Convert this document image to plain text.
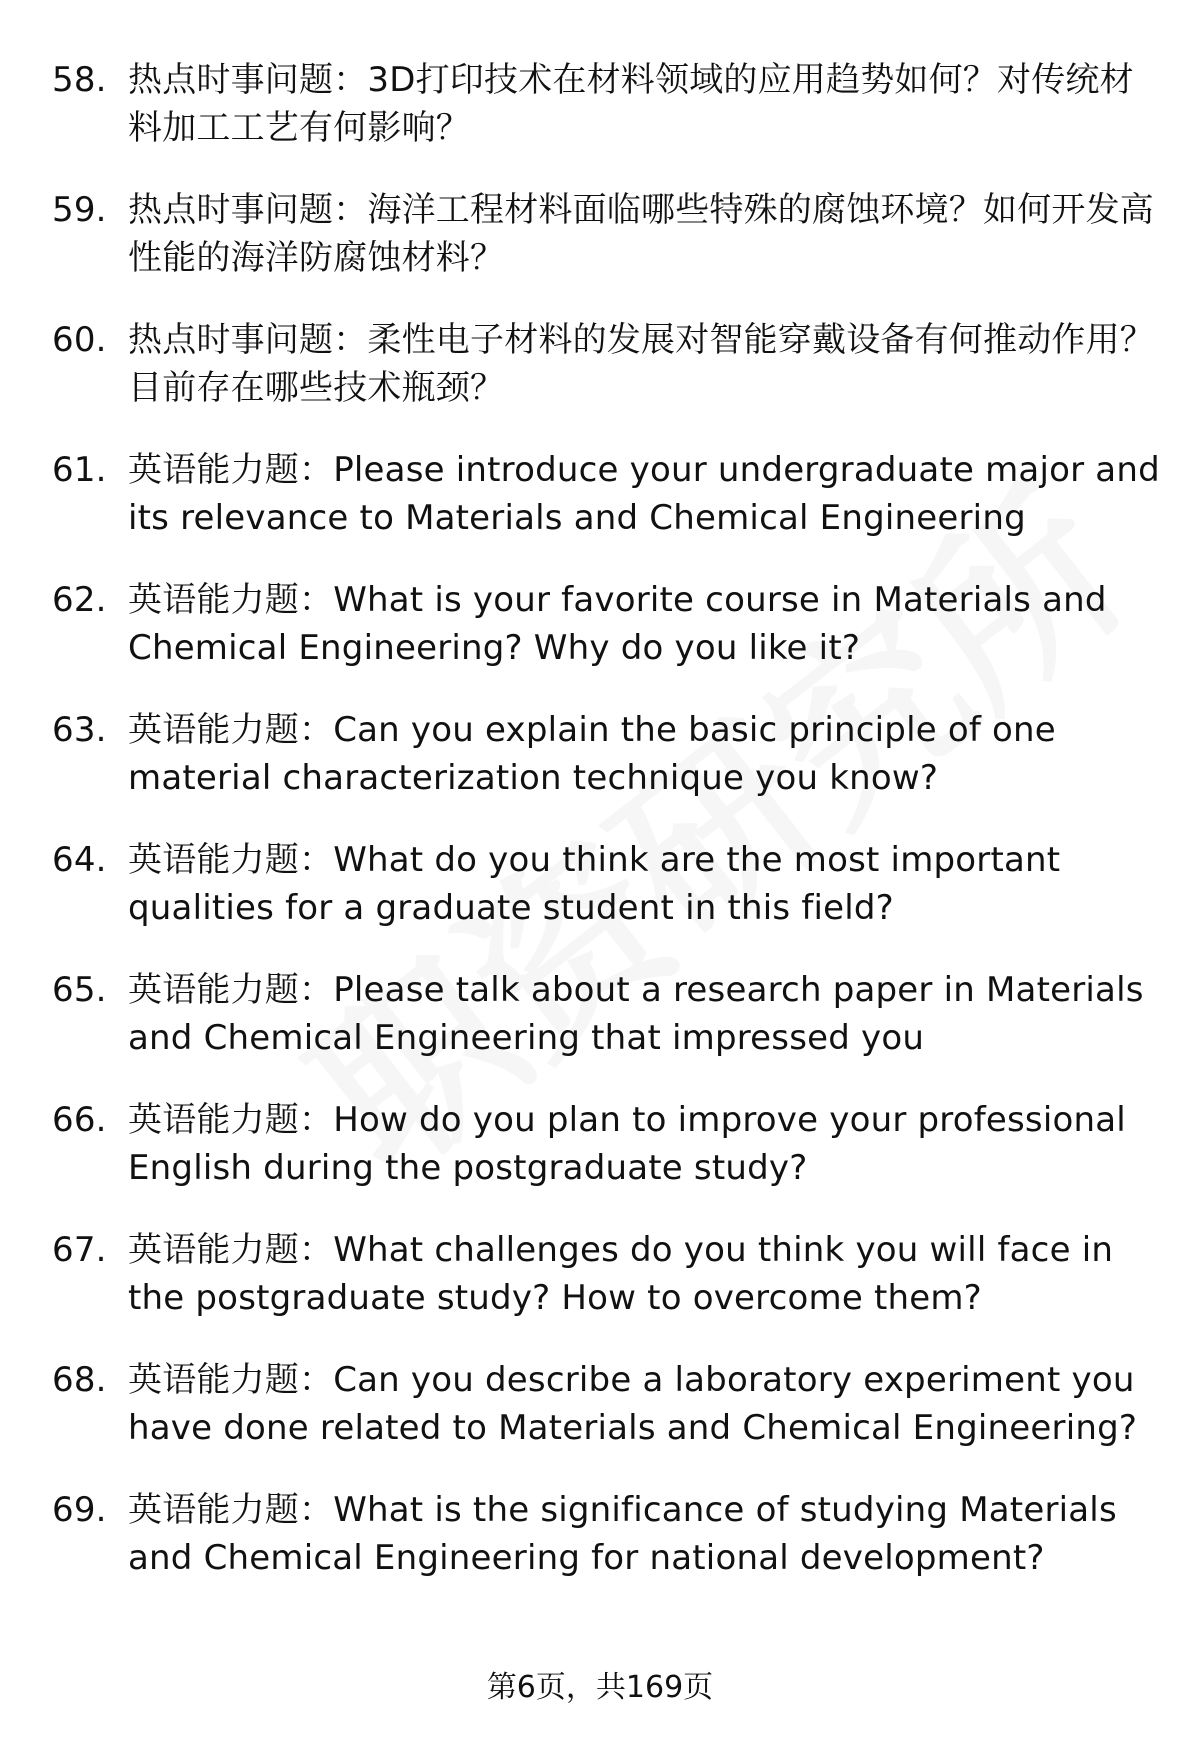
58. 热点时事问题：3D打印技术在材料领域的应用趋势如何？对传统材料加工工艺有何影响？
59. 热点时事问题：海洋工程材料面临哪些特殊的腐蚀环境？如何开发高性能的海洋防腐蚀材料？
60. 热点时事问题：柔性电子材料的发展对智能穿戴设备有何推动作用？目前存在哪些技术瓶颈？
61. 英语能力题：Please introduce your undergraduate major and its relevance to Materials and Chemical Engineering
62. 英语能力题：What is your favorite course in Materials and Chemical Engineering? Why do you like it?
63. 英语能力题：Can you explain the basic principle of one material characterization technique you know?
64. 英语能力题：What do you think are the most important qualities for a graduate student in this field?
65. 英语能力题：Please talk about a research paper in Materials and Chemical Engineering that impressed you
66. 英语能力题：How do you plan to improve your professional English during the postgraduate study?
67. 英语能力题：What challenges do you think you will face in the postgraduate study? How to overcome them?
68. 英语能力题：Can you describe a laboratory experiment you have done related to Materials and Chemical Engineering?
69. 英语能力题：What is the significance of studying Materials and Chemical Engineering for national development?
第6页，共169页
